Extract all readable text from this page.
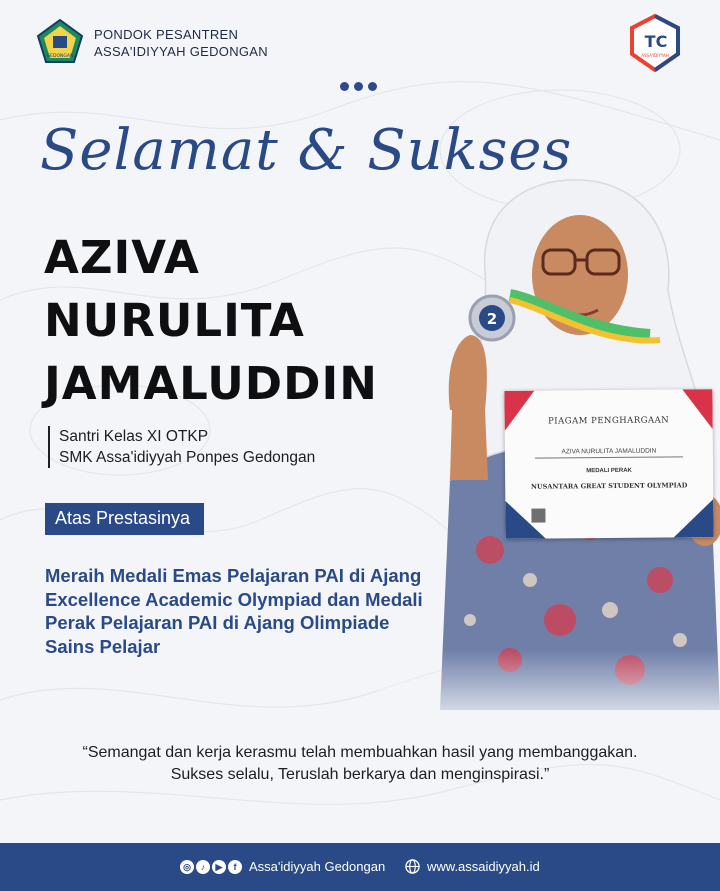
GEDONGAN
PONDOK PESANTREN
ASSA'IDIYYAH GEDONGAN
TC
ASSA'IDIYYAH
Selamat & Sukses
AZIVA
NURULITA
JAMALUDDIN
Santri Kelas XI OTKP
SMK Assa'idiyyah Ponpes Gedongan
Atas Prestasinya
Meraih Medali Emas Pelajaran PAI di Ajang Excellence Academic Olympiad dan Medali Perak Pelajaran PAI di Ajang Olimpiade Sains Pelajar
2
PIAGAM PENGHARGAAN
AZIVA NURULITA JAMALUDDIN
MEDALI PERAK
NUSANTARA GREAT STUDENT OLYMPIAD
“Semangat dan kerja kerasmu telah membuahkan hasil yang membanggakan. Sukses selalu, Teruslah berkarya dan menginspirasi.”
◎	♪	▶	f Assa'idiyyah Gedongan	www.assaidiyyah.id
